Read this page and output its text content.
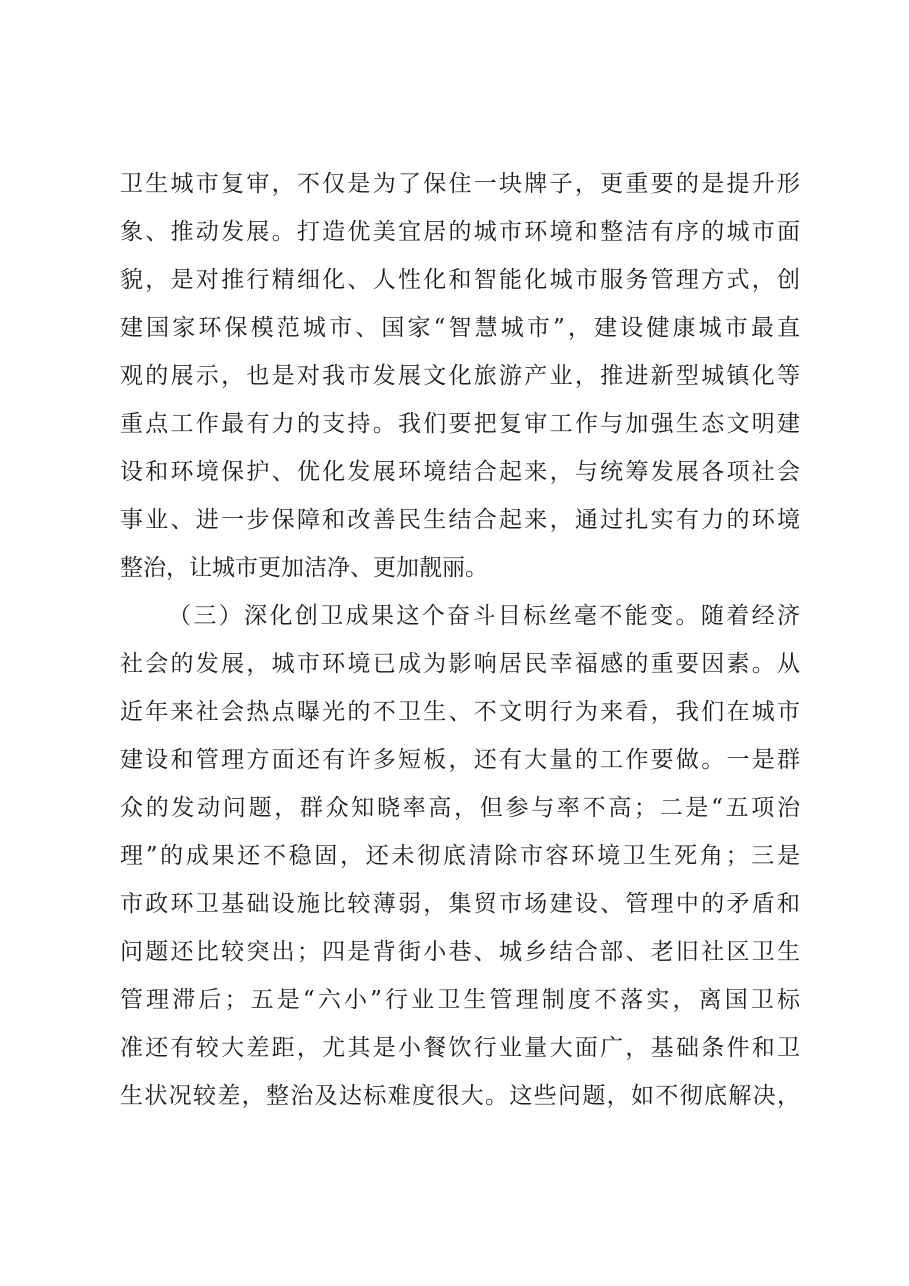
卫生城市复审，不仅是为了保住一块牌子，更重要的是提升形
象、推动发展。打造优美宜居的城市环境和整洁有序的城市面
貌，是对推行精细化、人性化和智能化城市服务管理方式，创
建国家环保模范城市、国家“智慧城市”，建设健康城市最直
观的展示，也是对我市发展文化旅游产业，推进新型城镇化等
重点工作最有力的支持。我们要把复审工作与加强生态文明建
设和环境保护、优化发展环境结合起来，与统筹发展各项社会
事业、进一步保障和改善民生结合起来，通过扎实有力的环境
整治，让城市更加洁净、更加靓丽。
（三）深化创卫成果这个奋斗目标丝毫不能变。随着经济
社会的发展，城市环境已成为影响居民幸福感的重要因素。从
近年来社会热点曝光的不卫生、不文明行为来看，我们在城市
建设和管理方面还有许多短板，还有大量的工作要做。一是群
众的发动问题，群众知晓率高，但参与率不高；二是“五项治
理”的成果还不稳固，还未彻底清除市容环境卫生死角；三是
市政环卫基础设施比较薄弱，集贸市场建设、管理中的矛盾和
问题还比较突出；四是背街小巷、城乡结合部、老旧社区卫生
管理滞后；五是“六小”行业卫生管理制度不落实，离国卫标
准还有较大差距，尤其是小餐饮行业量大面广，基础条件和卫
生状况较差，整治及达标难度很大。这些问题，如不彻底解决，
